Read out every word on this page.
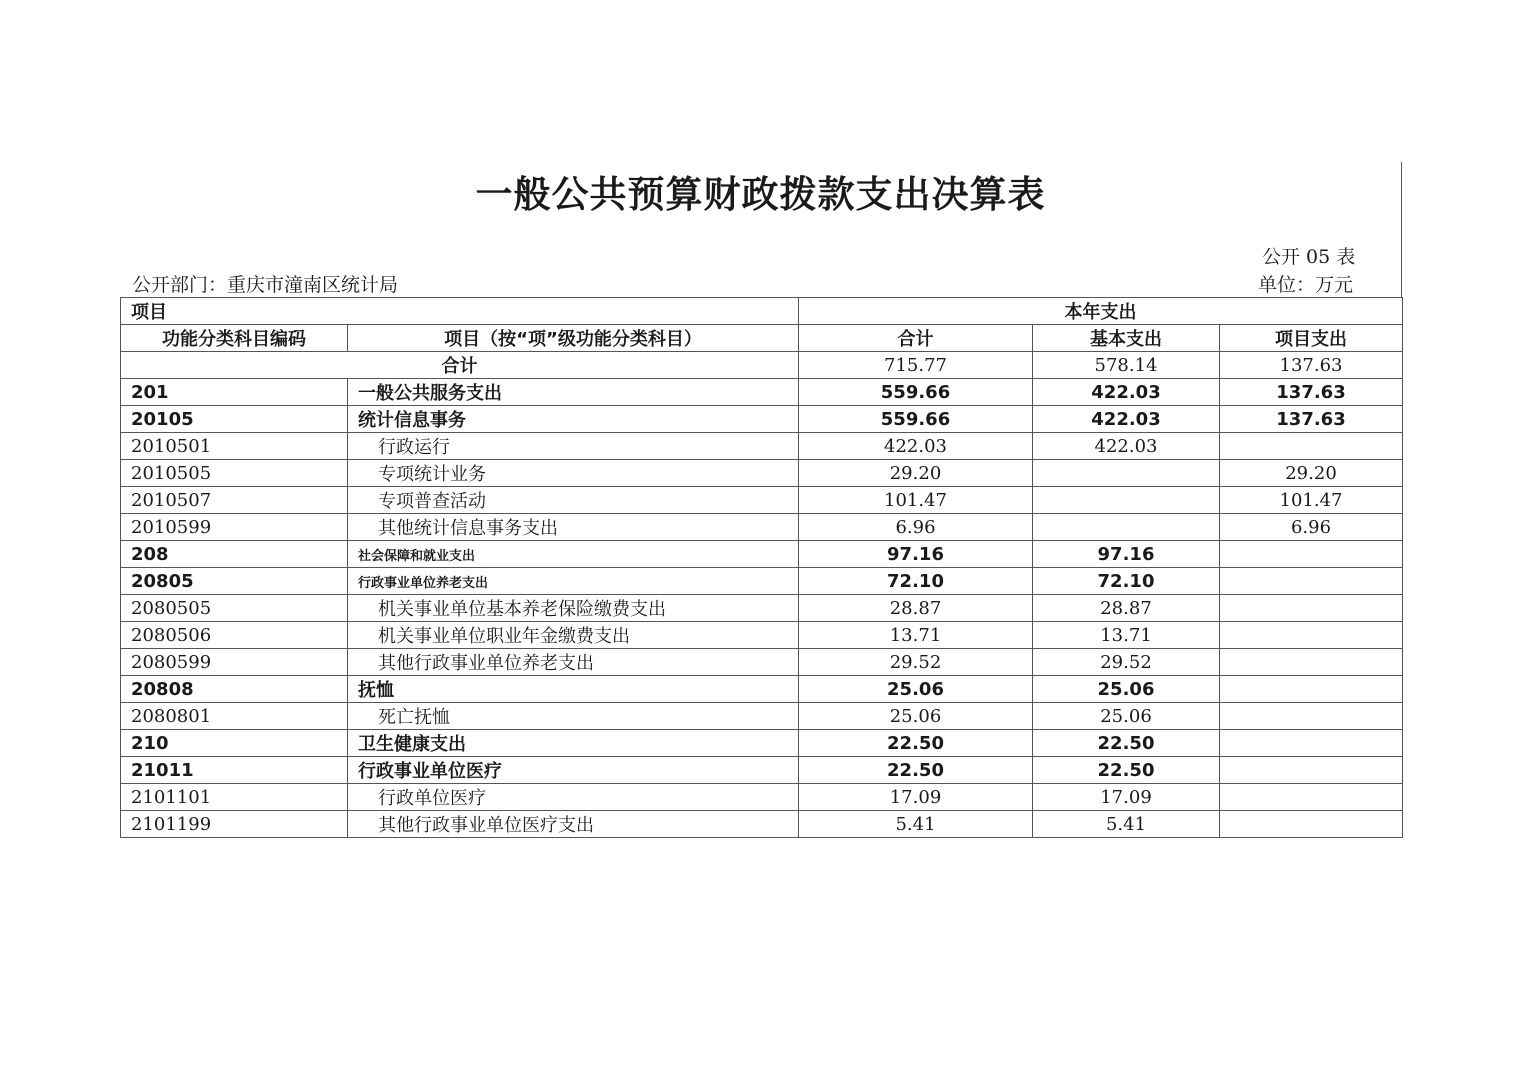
一般公共预算财政拨款支出决算表
公开 05 表
公开部门：重庆市潼南区统计局	单位：万元
项目		本年支出		
功能分类科目编码	项目（按“项”级功能分类科目）	合计	基本支出	项目支出
合计		715.77	578.14	137.63
201	一般公共服务支出	559.66	422.03	137.63
20105	统计信息事务	559.66	422.03	137.63
2010501	行政运行	422.03	422.03	
2010505	专项统计业务	29.20		29.20
2010507	专项普查活动	101.47		101.47
2010599	其他统计信息事务支出	6.96		6.96
208	社会保障和就业支出	97.16	97.16	
20805	行政事业单位养老支出	72.10	72.10	
2080505	机关事业单位基本养老保险缴费支出	28.87	28.87	
2080506	机关事业单位职业年金缴费支出	13.71	13.71	
2080599	其他行政事业单位养老支出	29.52	29.52	
20808	抚恤	25.06	25.06	
2080801	死亡抚恤	25.06	25.06	
210	卫生健康支出	22.50	22.50	
21011	行政事业单位医疗	22.50	22.50	
2101101	行政单位医疗	17.09	17.09	
2101199	其他行政事业单位医疗支出	5.41	5.41	
